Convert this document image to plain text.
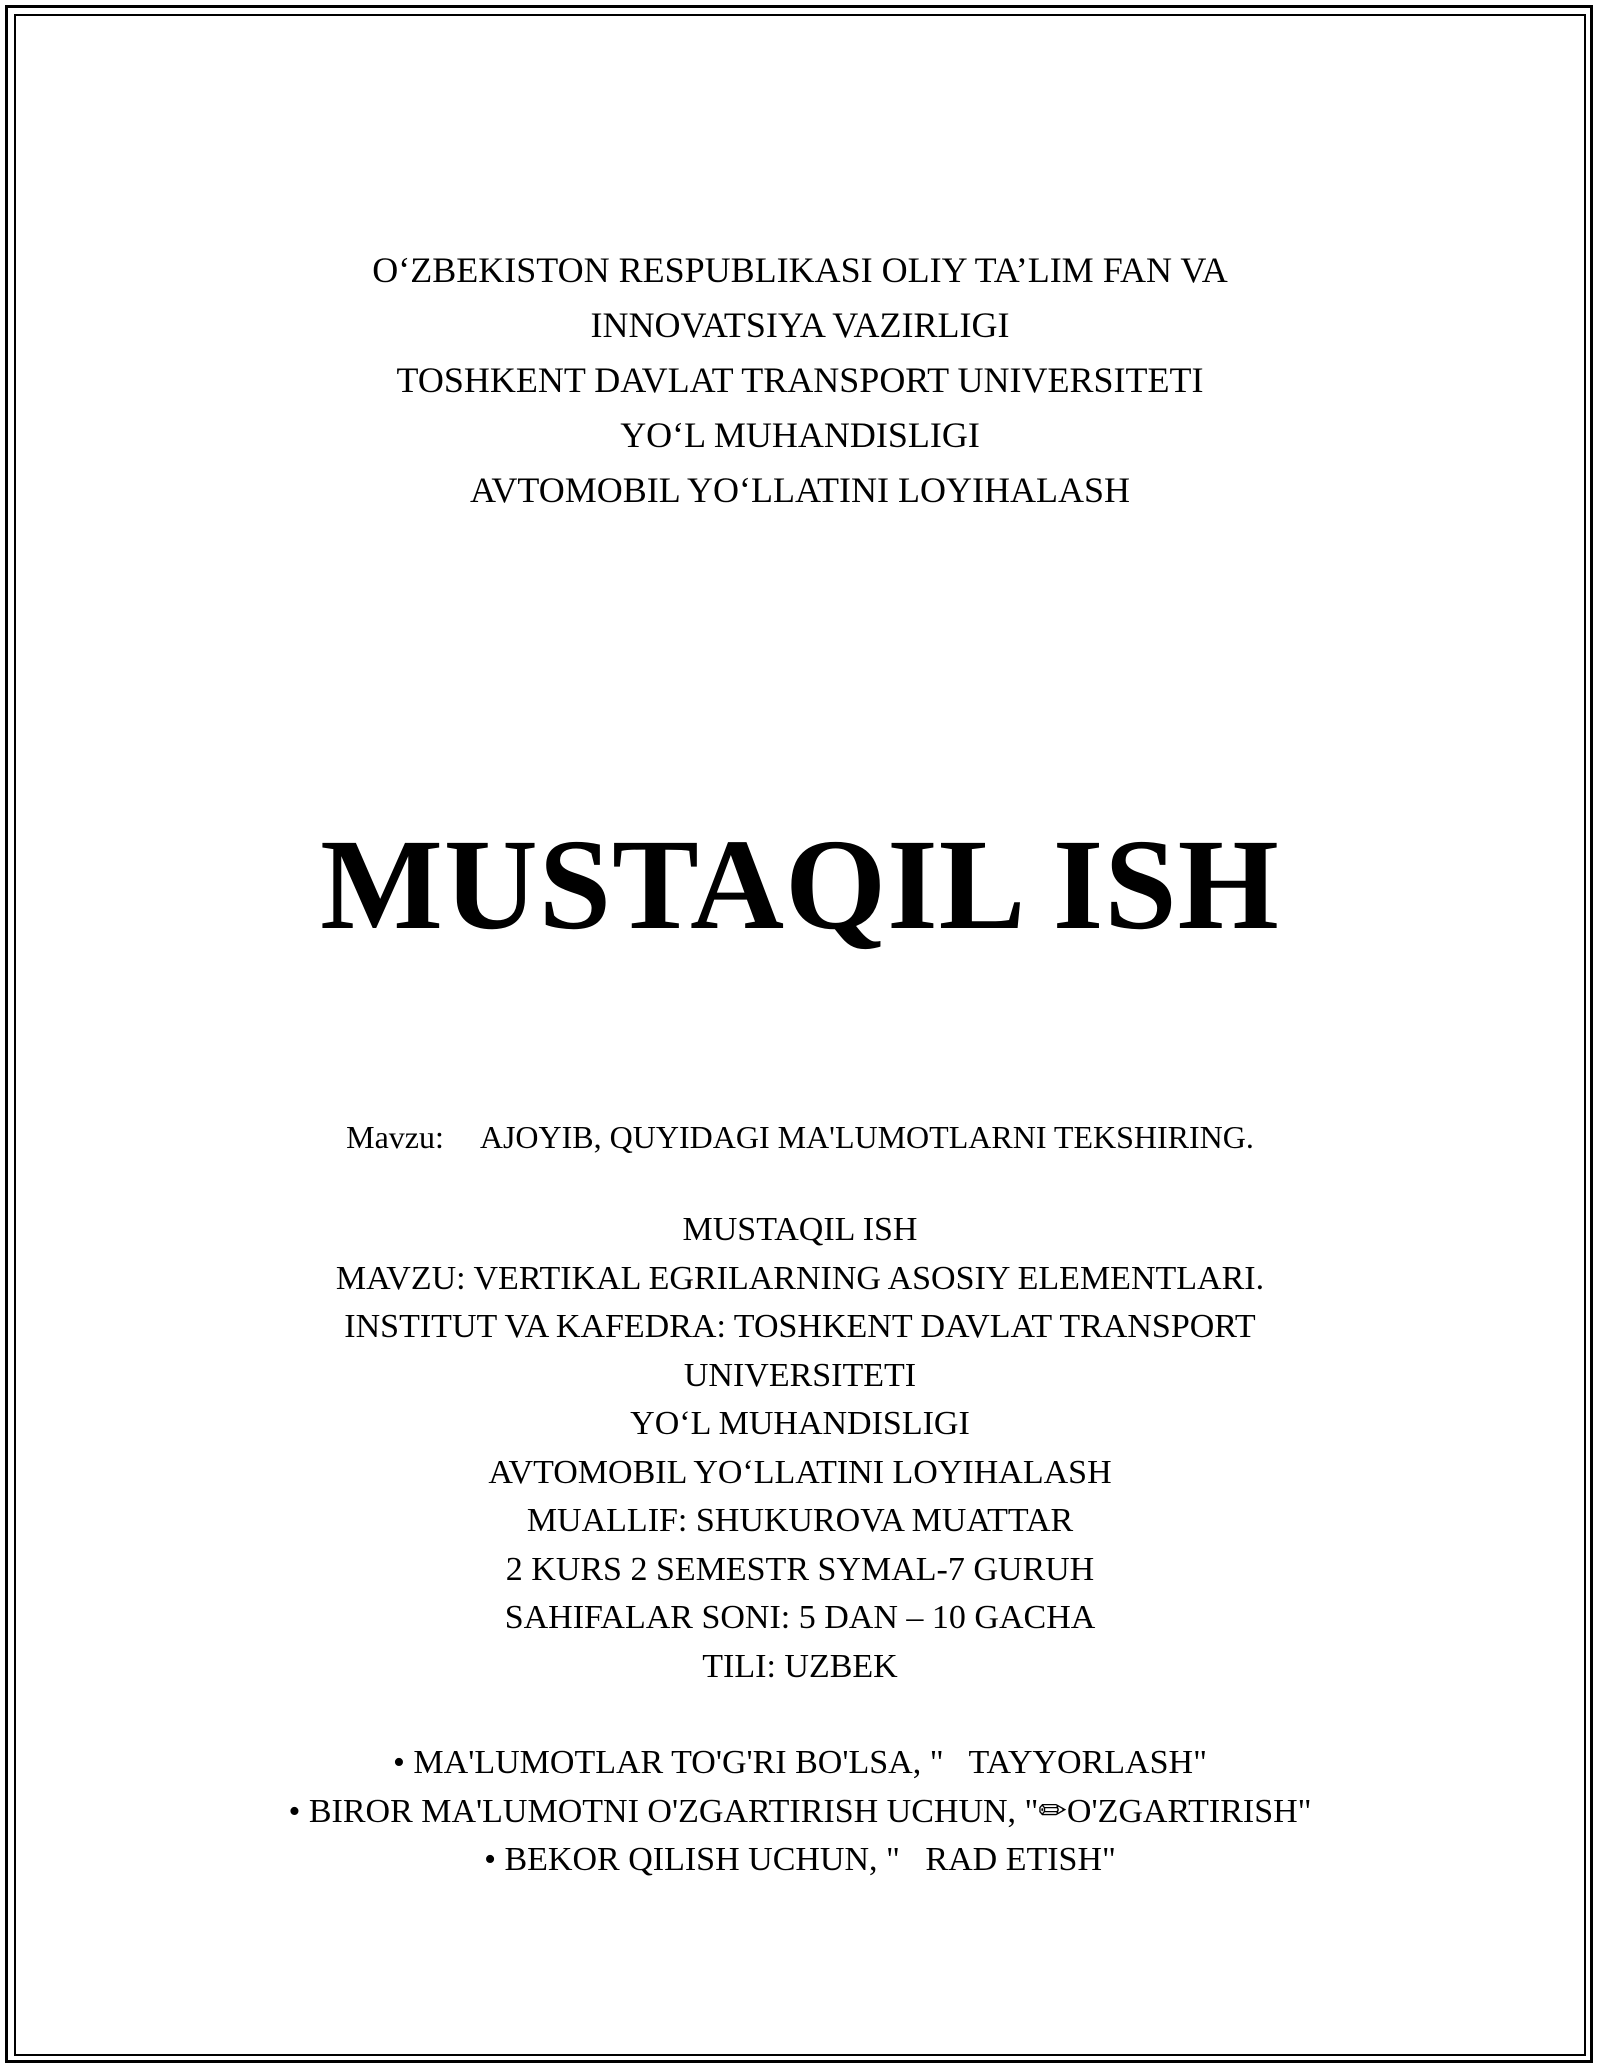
O‘ZBEKISTON RESPUBLIKASI OLIY TA’LIM FAN VA
INNOVATSIYA VAZIRLIGI
TOSHKENT DAVLAT TRANSPORT UNIVERSITETI
YO‘L MUHANDISLIGI
AVTOMOBIL YO‘LLATINI LOYIHALASH
MUSTAQIL ISH
Mavzu: AJOYIB, QUYIDAGI MA'LUMOTLARNI TEKSHIRING.
MUSTAQIL ISH
MAVZU: VERTIKAL EGRILARNING ASOSIY ELEMENTLARI.
INSTITUT VA KAFEDRA: TOSHKENT DAVLAT TRANSPORT
UNIVERSITETI
YO‘L MUHANDISLIGI
AVTOMOBIL YO‘LLATINI LOYIHALASH
MUALLIF: SHUKUROVA MUATTAR
2 KURS 2 SEMESTR SYMAL-7 GURUH
SAHIFALAR SONI: 5 DAN – 10 GACHA
TILI: UZBEK
• MA'LUMOTLAR TO'G'RI BO'LSA, "   TAYYORLASH"
• BIROR MA'LUMOTNI O'ZGARTIRISH UCHUN, "✏O'ZGARTIRISH"
• BEKOR QILISH UCHUN, "   RAD ETISH"
